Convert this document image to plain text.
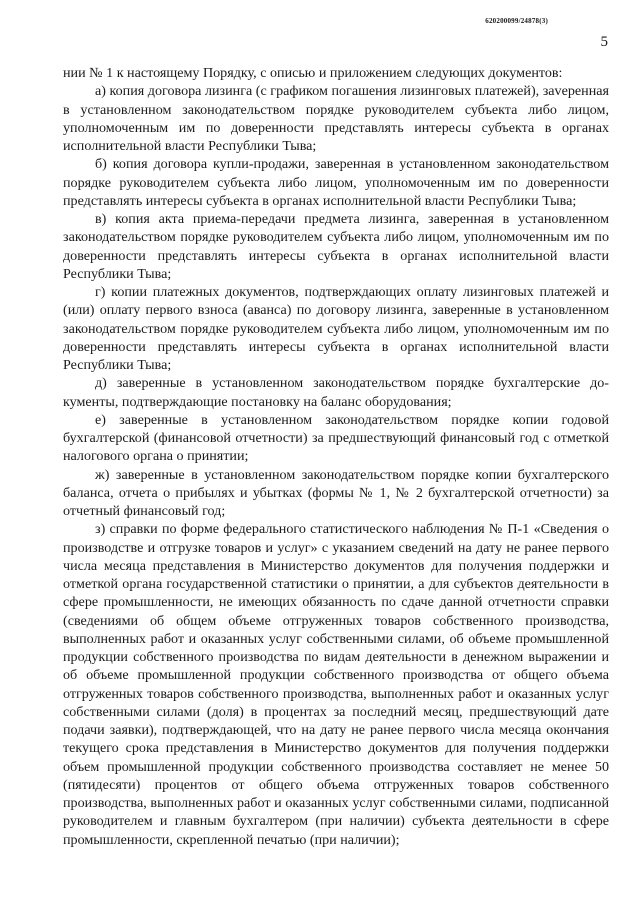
620200099/24878(3)
5

нии № 1 к настоящему Порядку, с описью и приложением следующих документов:

а) копия договора лизинга (с графиком погашения лизинговых платежей), заvеренная в установленном законодательством порядке руководителем субъекта либо лицом, уполномоченным им по доверенности представлять интересы субъекта в органах исполнительной власти Республики Тыва;

б) копия договора купли-продажи, заверенная в установленном законодательством порядке руководителем субъекта либо лицом, уполномоченным им по доверенности представлять интересы субъекта в органах исполнительной власти Республики Тыва;

в) копия акта приема-передачи предмета лизинга, заверенная в установленном законодательством порядке руководителем субъекта либо лицом, уполномоченным им по доверенности представлять интересы субъекта в органах исполнительной власти Республики Тыва;

г) копии платежных документов, подтверждающих оплату лизинговых платежей и (или) оплату первого взноса (аванса) по договору лизинга, заверенные в установленном законодательством порядке руководителем субъекта либо лицом, уполномоченным им по доверенности представлять интересы субъекта в органах исполнительной власти Республики Тыва;

д) заверенные в установленном законодательством порядке бухгалтерские документы, подтверждающие постановку на баланс оборудования;

е) заверенные в установленном законодательством порядке копии годовой бухгалтерской (финансовой отчетности) за предшествующий финансовый год с отметкой налогового органа о принятии;

ж) заверенные в установленном законодательством порядке копии бухгалтерского баланса, отчета о прибылях и убытках (формы № 1, № 2 бухгалтерской отчетности) за отчетный финансовый год;

з) справки по форме федерального статистического наблюдения № П-1 «Сведения о производстве и отгрузке товаров и услуг» с указанием сведений на дату не ранее первого числа месяца представления в Министерство документов для получения поддержки и отметкой органа государственной статистики о принятии, а для субъектов деятельности в сфере промышленности, не имеющих обязанность по сдаче данной отчетности справки (сведениями об общем объеме отгруженных товаров собственного производства, выполненных работ и оказанных услуг собственными силами, об объеме промышленной продукции собственного производства по видам деятельности в денежном выражении и об объеме промышленной продукции собственного производства от общего объема отгруженных товаров собственного производства, выполненных работ и оказанных услуг собственными силами (доля) в процентах за последний месяц, предшествующий дате подачи заявки), подтверждающей, что на дату не ранее первого числа месяца окончания текущего срока представления в Министерство документов для получения поддержки объем промышленной продукции собственного производства составляет не менее 50 (пятидесяти) процентов от общего объема отгруженных товаров собственного производства, выполненных работ и оказанных услуг собственными силами, подписанной руководителем и главным бухгалтером (при наличии) субъекта деятельности в сфере промышленности, скрепленной печатью (при наличии);
